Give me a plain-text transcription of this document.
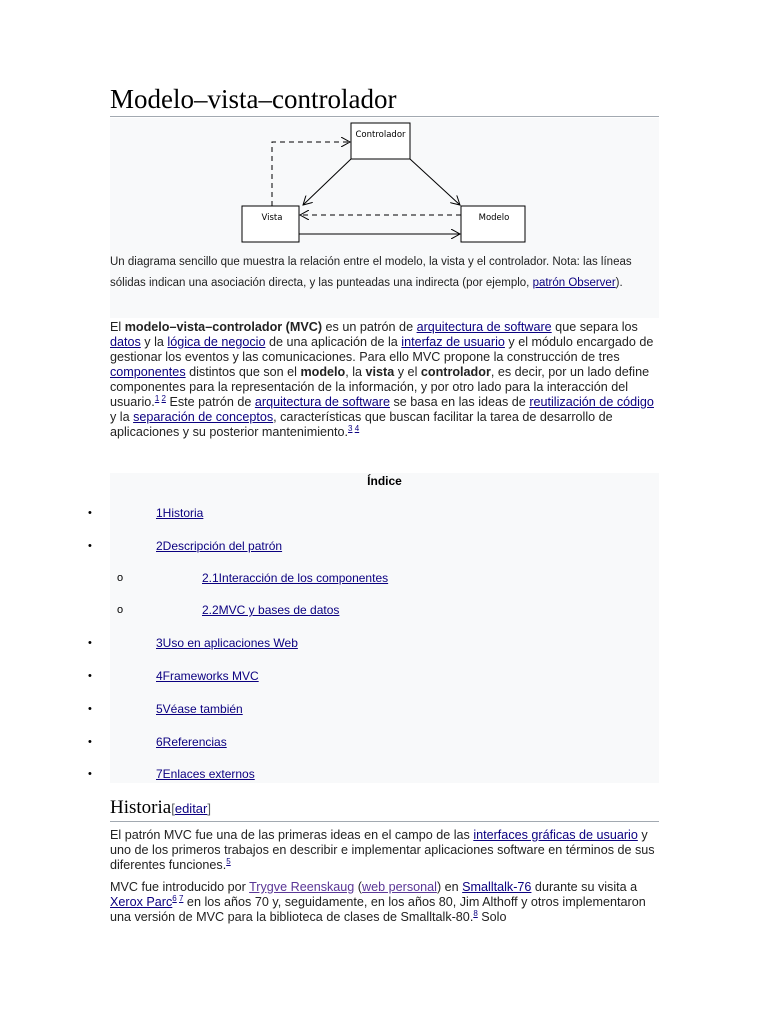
Modelo–vista–controlador
Controlador
Vista	Modelo
Un diagrama sencillo que muestra la relación entre el modelo, la vista y el controlador. Nota: las líneas sólidas indican una asociación directa, y las punteadas una indirecta (por ejemplo, patrón Observer).

El modelo–vista–controlador (MVC) es un patrón de arquitectura de software que separa los datos y la lógica de negocio de una aplicación de la interfaz de usuario y el módulo encargado de gestionar los eventos y las comunicaciones. Para ello MVC propone la construcción de tres componentes distintos que son el modelo, la vista y el controlador, es decir, por un lado define componentes para la representación de la información, y por otro lado para la interacción del usuario.$^{1 2}$ Este patrón de arquitectura de software se basa en las ideas de reutilización de código y la separación de conceptos, características que buscan facilitar la tarea de desarrollo de aplicaciones y su posterior mantenimiento.$^{3 4}$

Índice
•	1Historia
•	2Descripción del patrón
o	2.1Interacción de los componentes
o	2.2MVC y bases de datos
•	3Uso en aplicaciones Web
•	4Frameworks MVC
•	5Véase también
•	6Referencias
•	7Enlaces externos
Historia[editar]

El patrón MVC fue una de las primeras ideas en el campo de las interfaces gráficas de usuario y uno de los primeros trabajos en describir e implementar aplicaciones software en términos de sus diferentes funciones.$^5$

MVC fue introducido por Trygve Reenskaug (web personal) en Smalltalk-76 durante su visita a Xerox Parc$^{6 7}$ en los años 70 y, seguidamente, en los años 80, Jim Althoff y otros implementaron una versión de MVC para la biblioteca de clases de Smalltalk-80.$^8$ Solo
